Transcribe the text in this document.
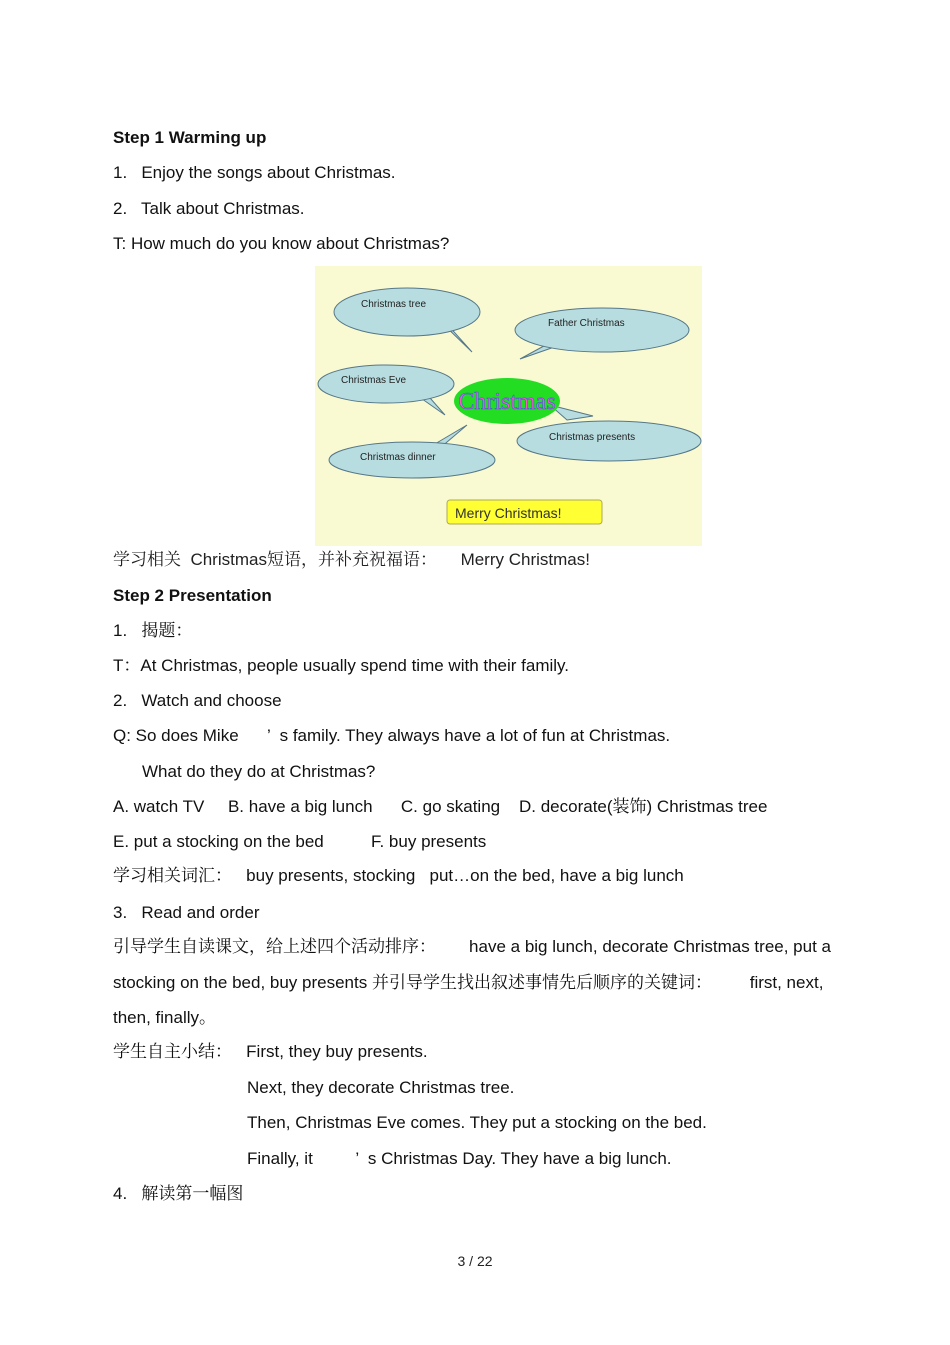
Step 1 Warming up

1.   Enjoy the songs about Christmas.

2.   Talk about Christmas.

T: How much do you know about Christmas?

Christmas tree
Father Christmas
Christmas Eve
Christmas presents
Christmas dinner
Christmas
Merry Christmas!

学习相关  Christmas短语，并补充祝福语：     Merry Christmas!

Step 2 Presentation

1.   揭题：

T：At Christmas, people usually spend time with their family.

2.   Watch and choose

Q: So does Mike      ’  s family. They always have a lot of fun at Christmas.

What do they do at Christmas?

A. watch TV     B. have a big lunch      C. go skating    D. decorate(装饰) Christmas tree

E. put a stocking on the bed          F. buy presents

学习相关词汇：   buy presents, stocking   put…on the bed, have a big lunch

3.   Read and order

引导学生自读课文，给上述四个活动排序：       have a big lunch, decorate Christmas tree, put a

stocking on the bed, buy presents 并引导学生找出叙述事情先后顺序的关键词：        first, next,

then, finally。

学生自主小结：   First, they buy presents.

Next, they decorate Christmas tree.

Then, Christmas Eve comes. They put a stocking on the bed.

Finally, it         ’  s Christmas Day. They have a big lunch.

4.   解读第一幅图

3 / 22
